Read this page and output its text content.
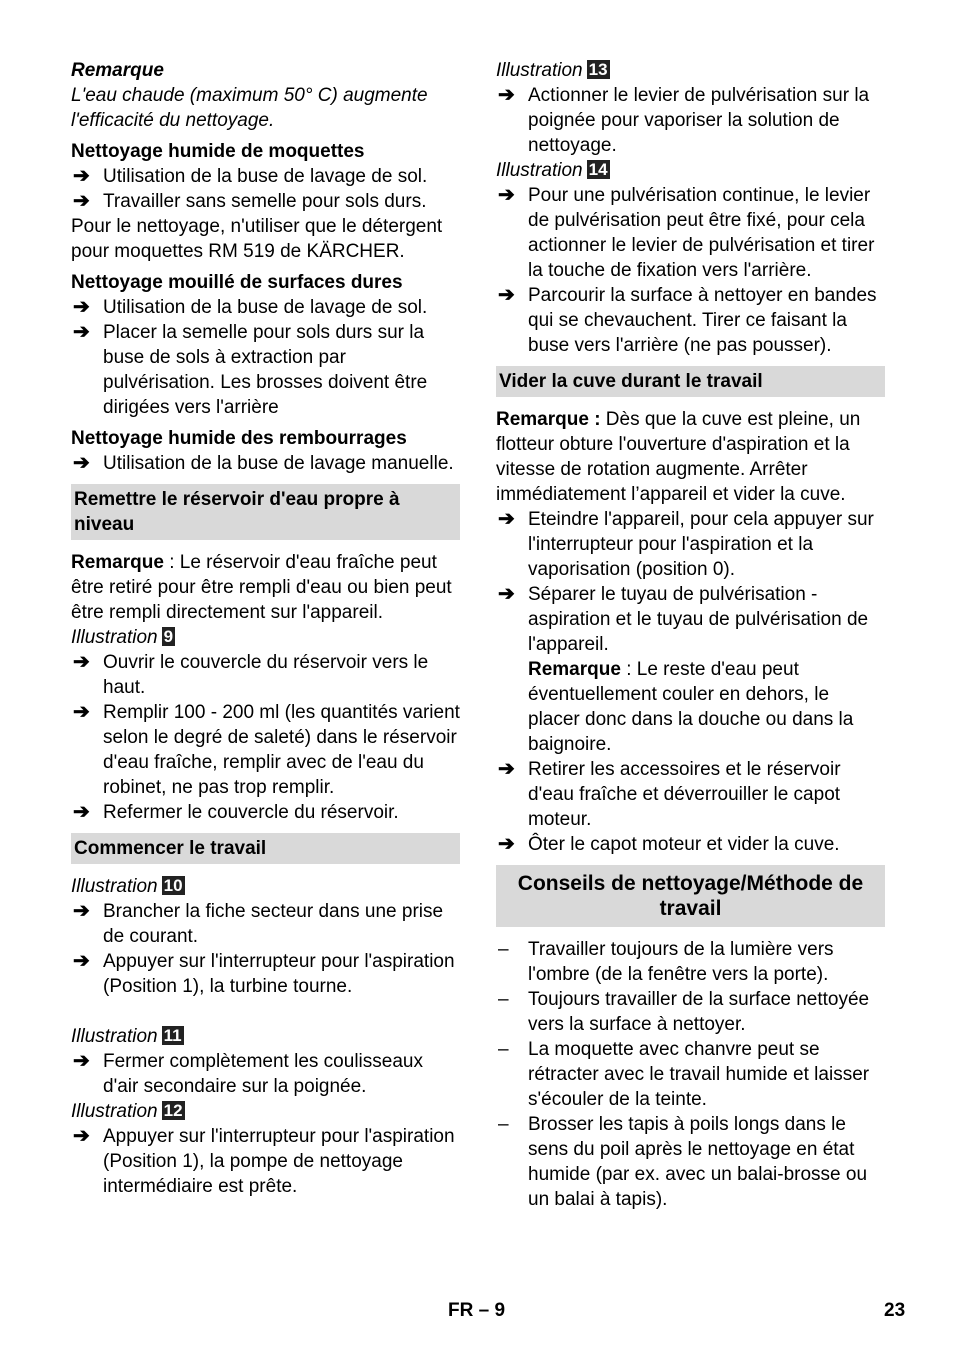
Remarque

L'eau chaude (maximum 50° C) augmente l'efficacité du nettoyage.

Nettoyage humide de moquettes
➔ Utilisation de la buse de lavage de sol.
➔ Travailler sans semelle pour sols durs.

Pour le nettoyage, n'utiliser que le détergent pour moquettes RM 519 de KÄRCHER.

Nettoyage mouillé de surfaces dures
➔ Utilisation de la buse de lavage de sol.
➔ Placer la semelle pour sols durs sur la buse de sols à extraction par pulvérisation. Les brosses doivent être dirigées vers l'arrière
Nettoyage humide des rembourrages
➔ Utilisation de la buse de lavage manuelle.
Remettre le réservoir d'eau propre à niveau

Remarque : Le réservoir d'eau fraîche peut être retiré pour être rempli d'eau ou bien peut être rempli directement sur l'appareil.

Illustration 9

➔ Ouvrir le couvercle du réservoir vers le haut.
➔ Remplir 100 - 200 ml (les quantités varient selon le degré de saleté) dans le réservoir d'eau fraîche, remplir avec de l'eau du robinet, ne pas trop remplir.
➔ Refermer le couvercle du réservoir.
Commencer le travail

Illustration 10

➔ Brancher la fiche secteur dans une prise de courant.
➔ Appuyer sur l'interrupteur pour l'aspiration (Position 1), la turbine tourne.

Illustration 11

➔ Fermer complètement les coulisseaux d'air secondaire sur la poignée.

Illustration 12

➔ Appuyer sur l'interrupteur pour l'aspiration (Position 1), la pompe de nettoyage intermédiaire est prête.

Illustration 13

➔ Actionner le levier de pulvérisation sur la poignée pour vaporiser la solution de nettoyage.

Illustration 14

➔ Pour une pulvérisation continue, le levier de pulvérisation peut être fixé, pour cela actionner le levier de pulvérisation et tirer la touche de fixation vers l'arrière.
➔ Parcourir la surface à nettoyer en bandes qui se chevauchent. Tirer ce faisant la buse vers l'arrière (ne pas pousser).
Vider la cuve durant le travail

Remarque : Dès que la cuve est pleine, un flotteur obture l'ouverture d'aspiration et la vitesse de rotation augmente. Arrêter immédiatement l’appareil et vider la cuve.

➔ Eteindre l'appareil, pour cela appuyer sur l'interrupteur pour l'aspiration et la vaporisation (position 0).
➔ Séparer le tuyau de pulvérisation - aspiration et le tuyau de pulvérisation de l'appareil.

Remarque : Le reste d'eau peut éventuellement couler en dehors, le placer donc dans la douche ou dans la baignoire.

➔ Retirer les accessoires et le réservoir d'eau fraîche et déverrouiller le capot moteur.
➔ Ôter le capot moteur et vider la cuve.
Conseils de nettoyage/Méthode de travail
– Travailler toujours de la lumière vers l'ombre (de la fenêtre vers la porte).
– Toujours travailler de la surface nettoyée vers la surface à nettoyer.
– La moquette avec chanvre peut se rétracter avec le travail humide et laisser s'écouler de la teinte.
– Brosser les tapis à poils longs dans le sens du poil après le nettoyage en état humide (par ex. avec un balai-brosse ou un balai à tapis).
FR – 9	23
